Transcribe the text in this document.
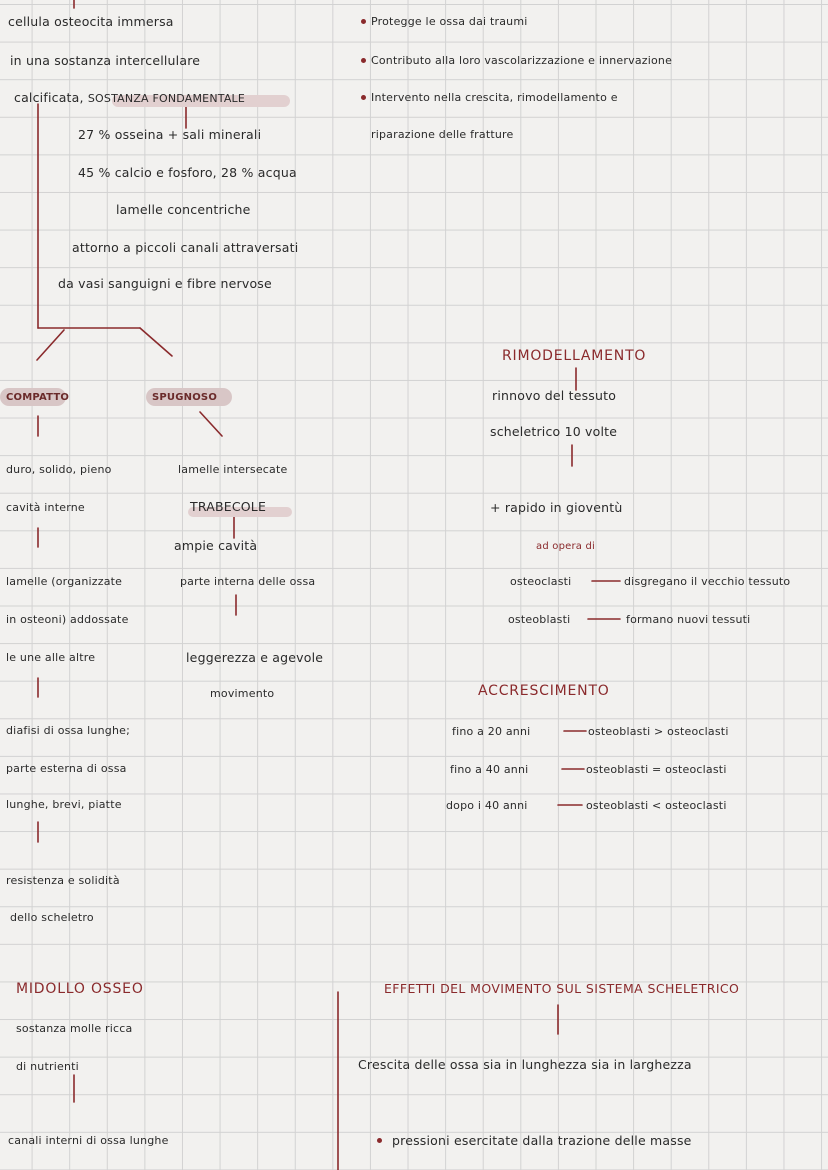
cellula osteocita immersa
in una sostanza intercellulare
calcificata, SOSTANZA FONDAMENTALE
27 % osseina + sali minerali
45 % calcio e fosforo, 28 % acqua
lamelle concentriche
attorno a piccoli canali attraversati
da vasi sanguigni e fibre nervose
COMPATTO
duro, solido, pieno
cavità interne
lamelle (organizzate
in osteoni) addossate
le une alle altre
diafisi di ossa lunghe;
parte esterna di ossa
lunghe, brevi, piatte
resistenza e solidità
dello scheletro
SPUGNOSO
lamelle intersecate
TRABECOLE
ampie cavità
parte interna delle ossa
leggerezza e agevole
movimento
Protegge le ossa dai traumi
Contributo alla loro vascolarizzazione e innervazione
Intervento nella crescita, rimodellamento e
riparazione delle fratture
RIMODELLAMENTO
rinnovo del tessuto
scheletrico 10 volte
+ rapido in gioventù
ad opera di
osteoclasti	disgregano il vecchio tessuto
osteoblasti	formano nuovi tessuti
ACCRESCIMENTO
fino a 20 anni	osteoblasti > osteoclasti
fino a 40 anni	osteoblasti = osteoclasti
dopo i 40 anni	osteoblasti < osteoclasti
MIDOLLO OSSEO
sostanza molle ricca
di nutrienti
canali interni di ossa lunghe
EFFETTI DEL MOVIMENTO SUL SISTEMA SCHELETRICO
Crescita delle ossa sia in lunghezza sia in larghezza
pressioni esercitate dalla trazione delle masse
